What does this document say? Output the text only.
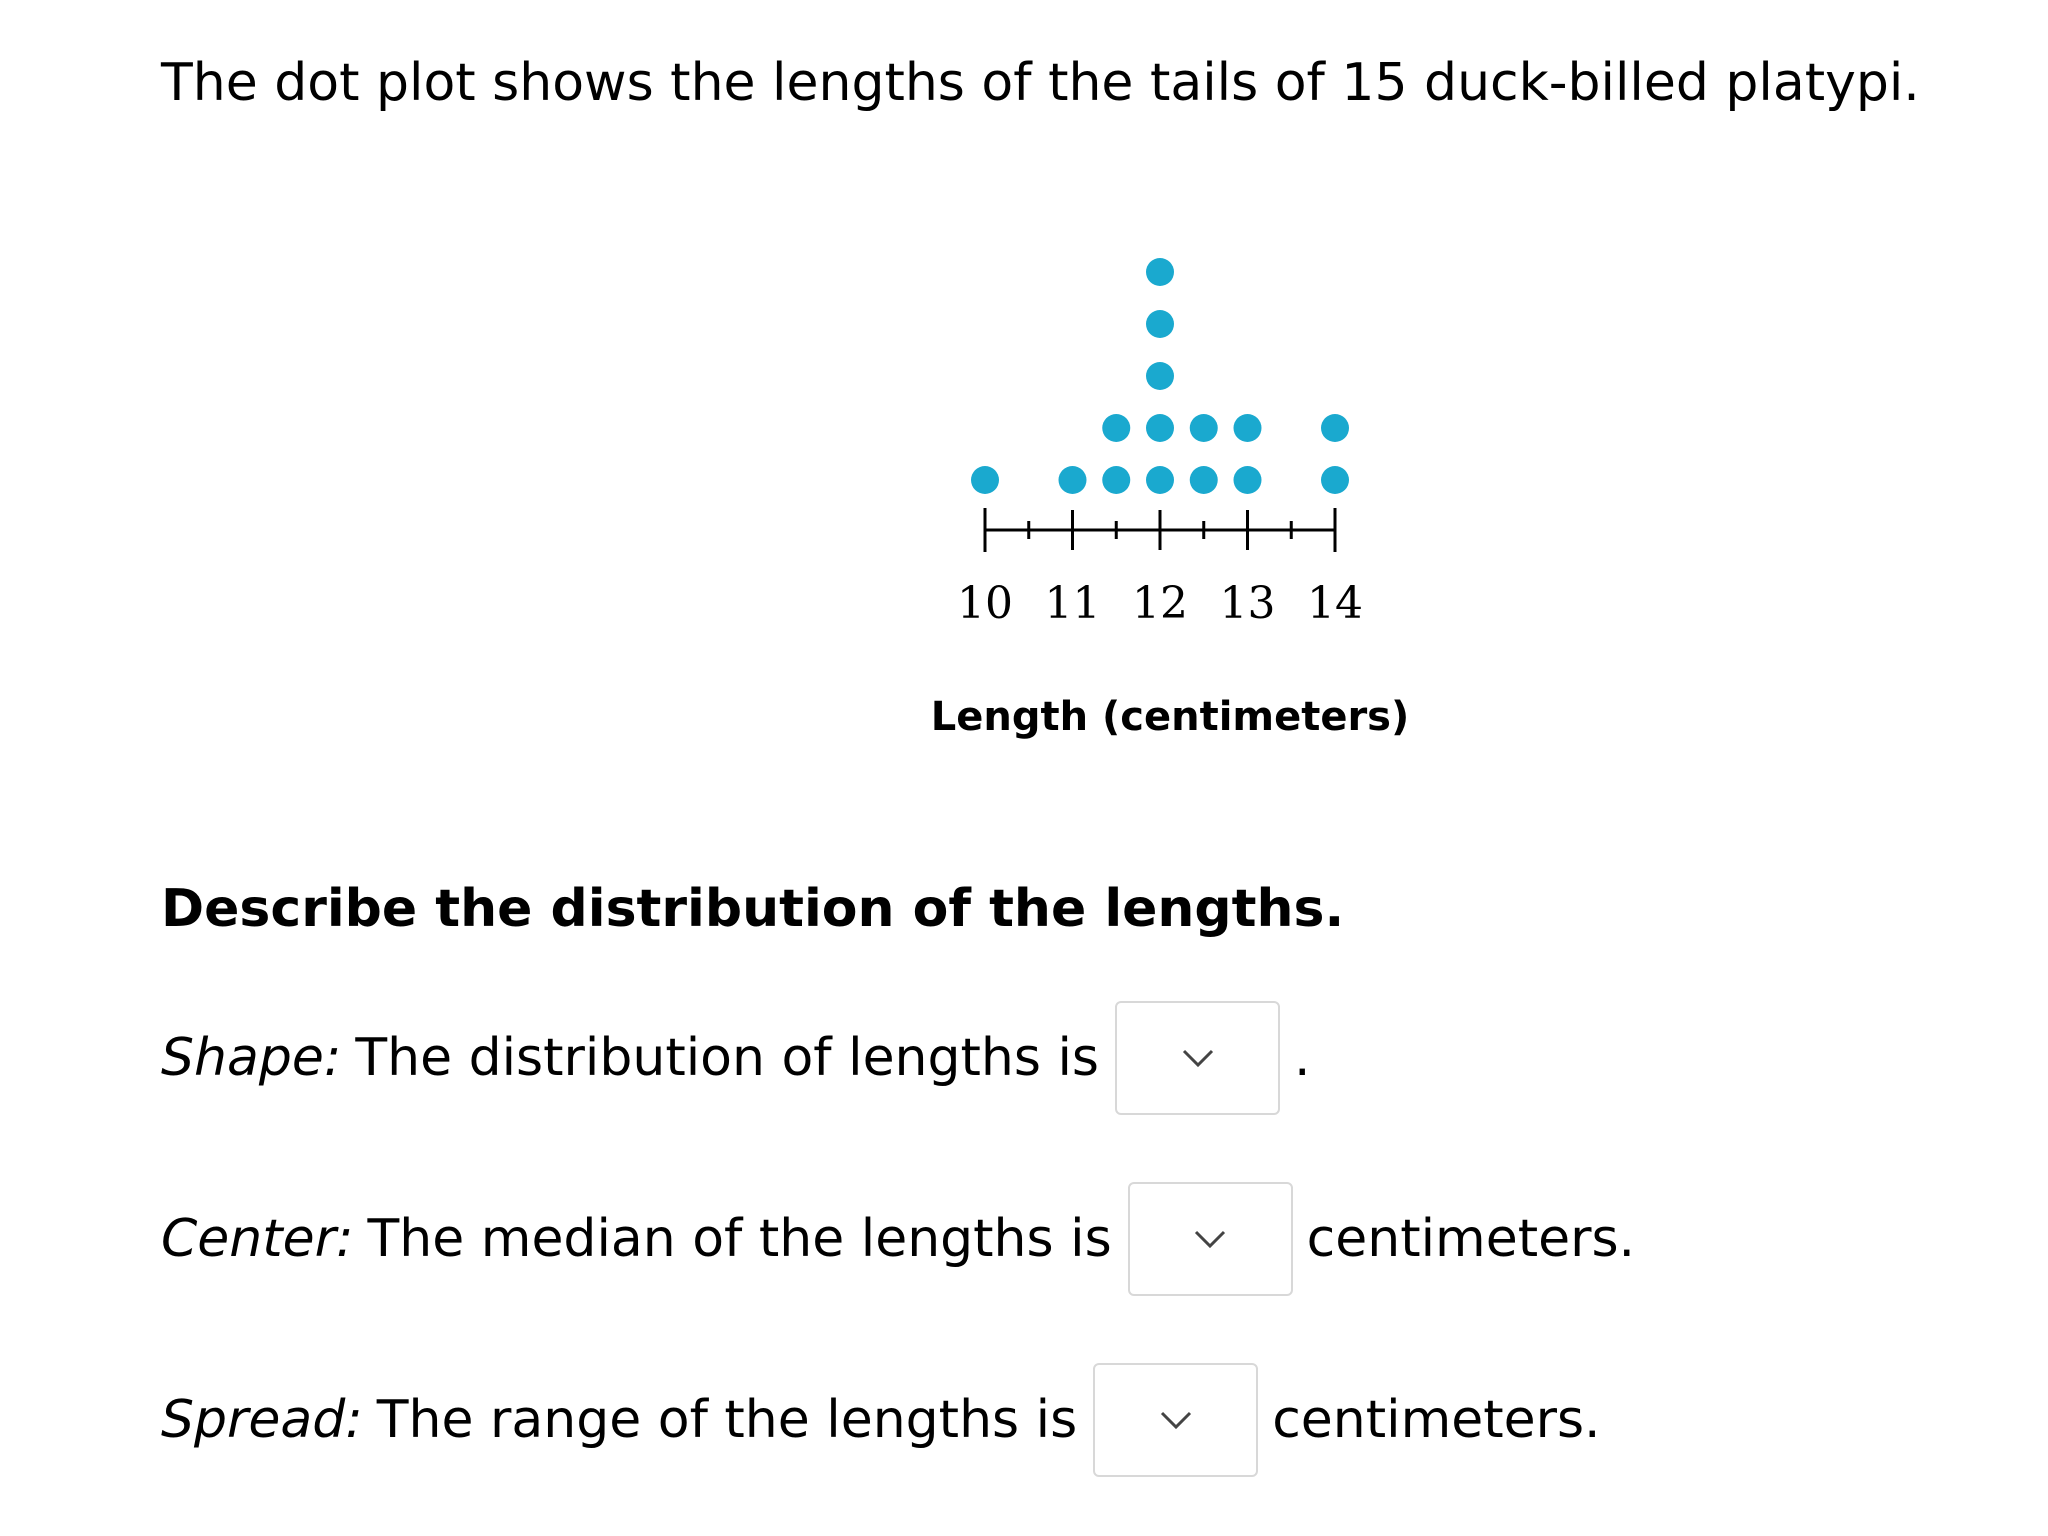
The dot plot shows the lengths of the tails of 15 duck-billed platypi.
10 11 12 13 14
Length (centimeters)
Describe the distribution of the lengths.
Shape: The distribution of lengths is	.
Center: The median of the lengths is	centimeters.
Spread: The range of the lengths is	centimeters.
